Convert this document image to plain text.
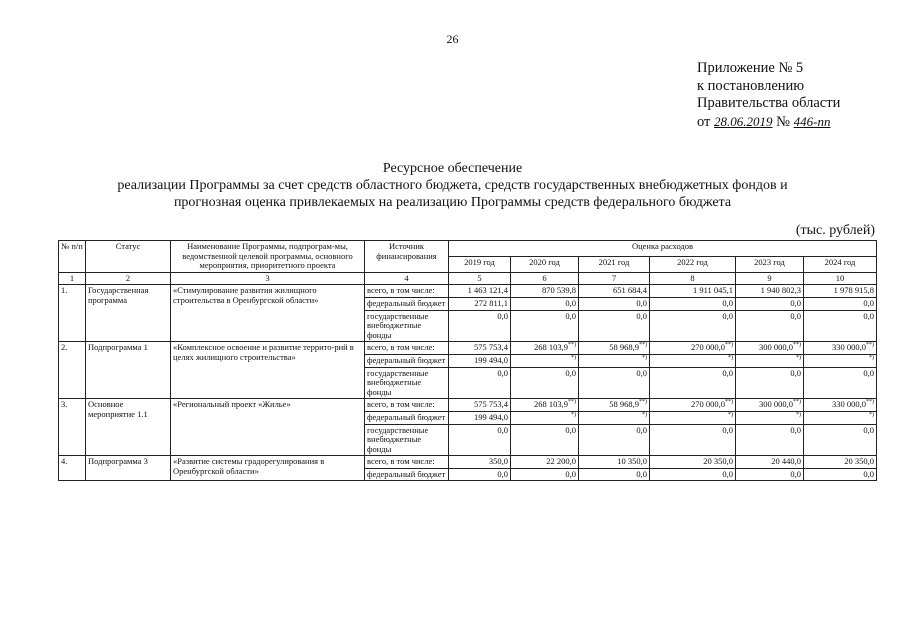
26
Приложение № 5
к постановлению
Правительства области
от 28.06.2019 № 446-пп
Ресурсное обеспечение
реализации Программы за счет средств областного бюджета, средств государственных внебюджетных фондов и
прогнозная оценка привлекаемых на реализацию Программы средств федерального бюджета
(тыс. рублей)
№ п/п	Статус	Наименование Программы, подпрограм-мы, ведомственной целевой программы, основного мероприятия, приоритетного проекта	Источник финансирования	Оценка расходов					
				2019 год	2020 год	2021 год	2022 год	2023 год	2024 год
1	2	3	4	5	6	7	8	9	10
1.	Государственная программа	«Стимулирование развития жилищного строительства в Оренбургской области»	всего, в том числе:	1 463 121,4	870 539,8	651 684,4	1 911 045,1	1 940 802,3	1 978 915,8
			федеральный бюджет	272 811,1	0,0	0,0	0,0	0,0	0,0
			государственные внебюджетные фонды	0,0	0,0	0,0	0,0	0,0	0,0
2.	Подпрограмма 1	«Комплексное освоение и развитие террито-рий в целях жилищного строительства»	всего, в том числе:	575 753,4	268 103,9**)	58 968,9**)	270 000,0**)	300 000,0**)	330 000,0**)
			федеральный бюджет	199 494,0	*)	*)	*)	*)	*)
			государственные внебюджетные фонды	0,0	0,0	0,0	0,0	0,0	0,0
3.	Основное мероприятие 1.1	«Региональный проект «Жилье»	всего, в том числе:	575 753,4	268 103,9**)	58 968,9**)	270 000,0**)	300 000,0**)	330 000,0**)
			федеральный бюджет	199 494,0	*)	*)	*)	*)	*)
			государственные внебюджетные фонды	0,0	0,0	0,0	0,0	0,0	0,0
4.	Подпрограмма 3	«Развитие системы градорегулирования в Оренбургской области»	всего, в том числе:	350,0	22 200,0	10 350,0	20 350,0	20 440,0	20 350,0
			федеральный бюджет	0,0	0,0	0,0	0,0	0,0	0,0
